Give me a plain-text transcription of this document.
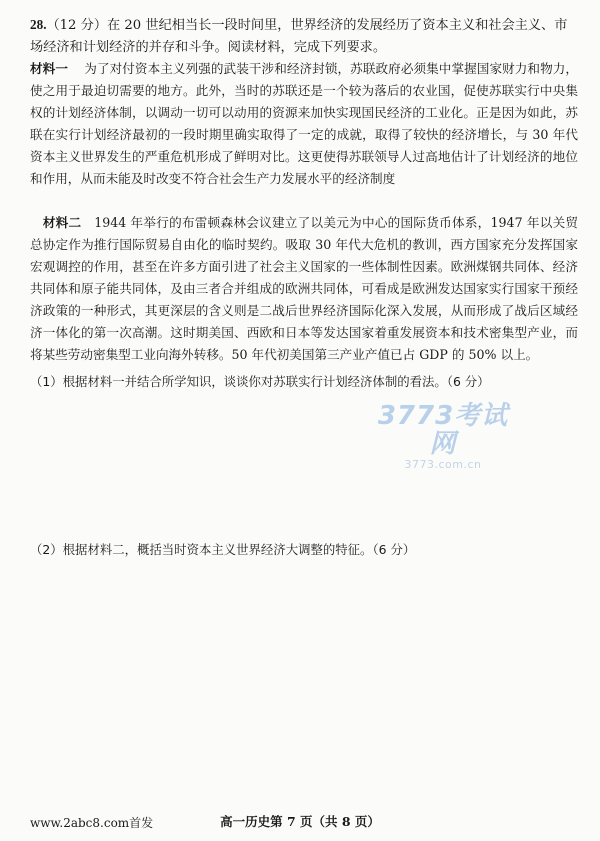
28.（12 分）在 20 世纪相当长一段时间里，世界经济的发展经历了资本主义和社会主义、市场经济和计划经济的并存和斗争。阅读材料，完成下列要求。
材料一 为了对付资本主义列强的武装干涉和经济封锁，苏联政府必须集中掌握国家财力和物力，使之用于最迫切需要的地方。此外，当时的苏联还是一个较为落后的农业国，促使苏联实行中央集权的计划经济体制，以调动一切可以动用的资源来加快实现国民经济的工业化。正是因为如此，苏联在实行计划经济最初的一段时期里确实取得了一定的成就，取得了较快的经济增长，与 30 年代资本主义世界发生的严重危机形成了鲜明对比。这更使得苏联领导人过高地估计了计划经济的地位和作用，从而未能及时改变不符合社会生产力发展水平的经济制度
材料二 1944 年举行的布雷顿森林会议建立了以美元为中心的国际货币体系，1947 年以关贸总协定作为推行国际贸易自由化的临时契约。吸取 30 年代大危机的教训，西方国家充分发挥国家宏观调控的作用，甚至在许多方面引进了社会主义国家的一些体制性因素。欧洲煤钢共同体、经济共同体和原子能共同体，及由三者合并组成的欧洲共同体，可看成是欧洲发达国家实行国家干预经济政策的一种形式，其更深层的含义则是二战后世界经济国际化深入发展，从而形成了战后区域经济一体化的第一次高潮。这时期美国、西欧和日本等发达国家着重发展资本和技术密集型产业，而将某些劳动密集型工业向海外转移。50 年代初美国第三产业产值已占 GDP 的 50% 以上。
（1）根据材料一并结合所学知识，谈谈你对苏联实行计划经济体制的看法。（6 分）
3773考试网
3773.com.cn
（2）根据材料二，概括当时资本主义世界经济大调整的特征。（6 分）
www.2abc8.com首发	高一历史第 7 页（共 8 页）
